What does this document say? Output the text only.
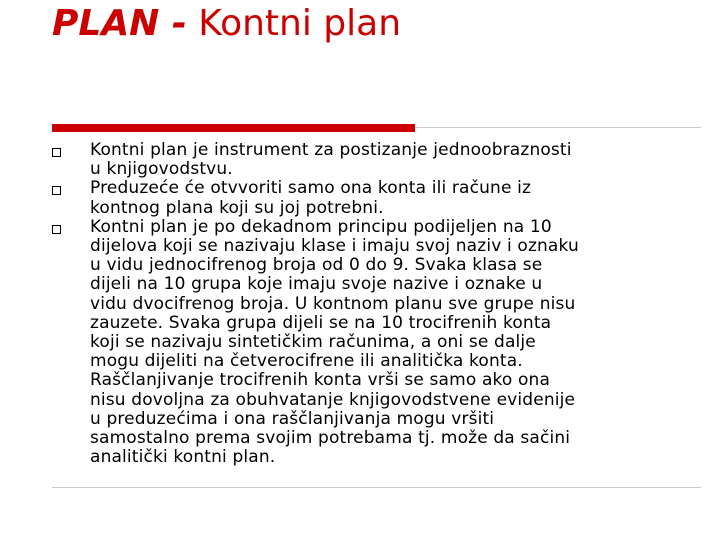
PLAN - Kontni plan
Kontni plan je instrument za postizanje jednoobraznosti
u knjigovodstvu.
Preduzeće će otvvoriti samo ona konta ili račune iz
kontnog plana koji su joj potrebni.
Kontni plan je po dekadnom principu podijeljen na 10
dijelova koji se nazivaju klase i imaju svoj naziv i oznaku
u vidu jednocifrenog broja od 0 do 9. Svaka klasa se
dijeli na 10 grupa koje imaju svoje nazive i oznake u
vidu dvocifrenog broja. U kontnom planu sve grupe nisu
zauzete. Svaka grupa dijeli se na 10 trocifrenih konta
koji se nazivaju sintetičkim računima, a oni se dalje
mogu dijeliti na četverocifrene ili analitička konta.
Raščlanjivanje trocifrenih konta vrši se samo ako ona
nisu dovoljna za obuhvatanje knjigovodstvene evidenije
u preduzećima i ona raščlanjivanja mogu vršiti
samostalno prema svojim potrebama tj. može da sačini
analitički kontni plan.
